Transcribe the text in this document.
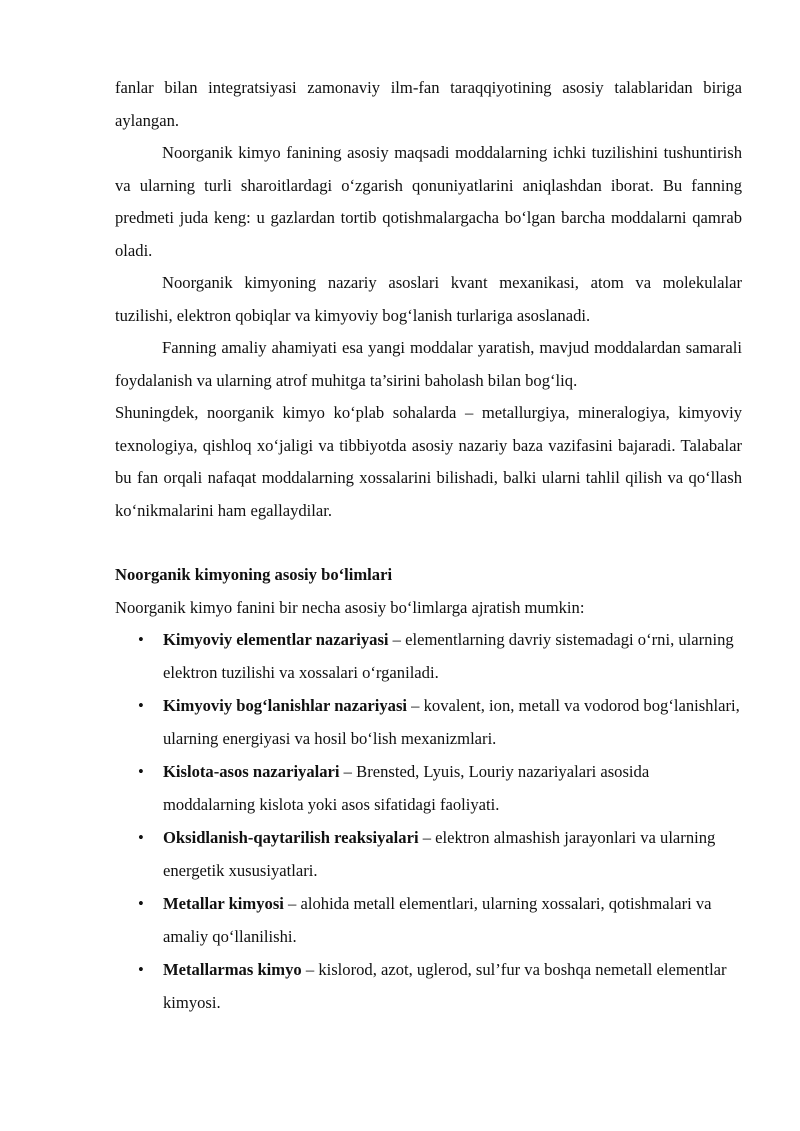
fanlar bilan integratsiyasi zamonaviy ilm-fan taraqqiyotining asosiy talablaridan biriga aylangan.

Noorganik kimyo fanining asosiy maqsadi moddalarning ichki tuzilishini tushuntirish va ularning turli sharoitlardagi o‘zgarish qonuniyatlarini aniqlashdan iborat. Bu fanning predmeti juda keng: u gazlardan tortib qotishmalargacha bo‘lgan barcha moddalarni qamrab oladi.

Noorganik kimyoning nazariy asoslari kvant mexanikasi, atom va molekulalar tuzilishi, elektron qobiqlar va kimyoviy bog‘lanish turlariga asoslanadi.

Fanning amaliy ahamiyati esa yangi moddalar yaratish, mavjud moddalardan samarali foydalanish va ularning atrof muhitga ta’sirini baholash bilan bog‘liq.

Shuningdek, noorganik kimyo ko‘plab sohalarda – metallurgiya, mineralogiya, kimyoviy texnologiya, qishloq xo‘jaligi va tibbiyotda asosiy nazariy baza vazifasini bajaradi. Talabalar bu fan orqali nafaqat moddalarning xossalarini bilishadi, balki ularni tahlil qilish va qo‘llash ko‘nikmalarini ham egallaydilar.

Noorganik kimyoning asosiy bo‘limlari

Noorganik kimyo fanini bir necha asosiy bo‘limlarga ajratish mumkin:

• Kimyoviy elementlar nazariyasi – elementlarning davriy sistemadagi o‘rni, ularning elektron tuzilishi va xossalari o‘rganiladi.
• Kimyoviy bog‘lanishlar nazariyasi – kovalent, ion, metall va vodorod bog‘lanishlari, ularning energiyasi va hosil bo‘lish mexanizmlari.
• Kislota-asos nazariyalari – Brensted, Lyuis, Louriy nazariyalari asosida moddalarning kislota yoki asos sifatidagi faoliyati.
• Oksidlanish-qaytarilish reaksiyalari – elektron almashish jarayonlari va ularning energetik xususiyatlari.
• Metallar kimyosi – alohida metall elementlari, ularning xossalari, qotishmalari va amaliy qo‘llanilishi.
• Metallarmas kimyo – kislorod, azot, uglerod, sul’fur va boshqa nemetall elementlar kimyosi.
